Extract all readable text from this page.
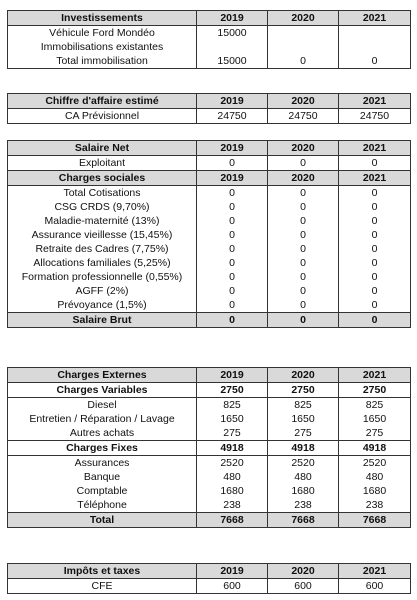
Investissements	2019	2020	2021
Véhicule Ford Mondéo	15000		
Immobilisations existantes			
Total immobilisation	15000	0	0
Chiffre d'affaire estimé	2019	2020	2021
CA Prévisionnel	24750	24750	24750
Salaire Net	2019	2020	2021
Exploitant	0	0	0
Charges sociales	2019	2020	2021
Total Cotisations	0	0	0
CSG CRDS (9,70%)	0	0	0
Maladie-maternité (13%)	0	0	0
Assurance vieillesse (15,45%)	0	0	0
Retraite des Cadres (7,75%)	0	0	0
Allocations familiales (5,25%)	0	0	0
Formation professionnelle (0,55%)	0	0	0
AGFF (2%)	0	0	0
Prévoyance (1,5%)	0	0	0
Salaire Brut	0	0	0
Charges Externes	2019	2020	2021
Charges Variables	2750	2750	2750
Diesel	825	825	825
Entretien / Réparation / Lavage	1650	1650	1650
Autres achats	275	275	275
Charges Fixes	4918	4918	4918
Assurances	2520	2520	2520
Banque	480	480	480
Comptable	1680	1680	1680
Téléphone	238	238	238
Total	7668	7668	7668
Impôts et taxes	2019	2020	2021
CFE	600	600	600
